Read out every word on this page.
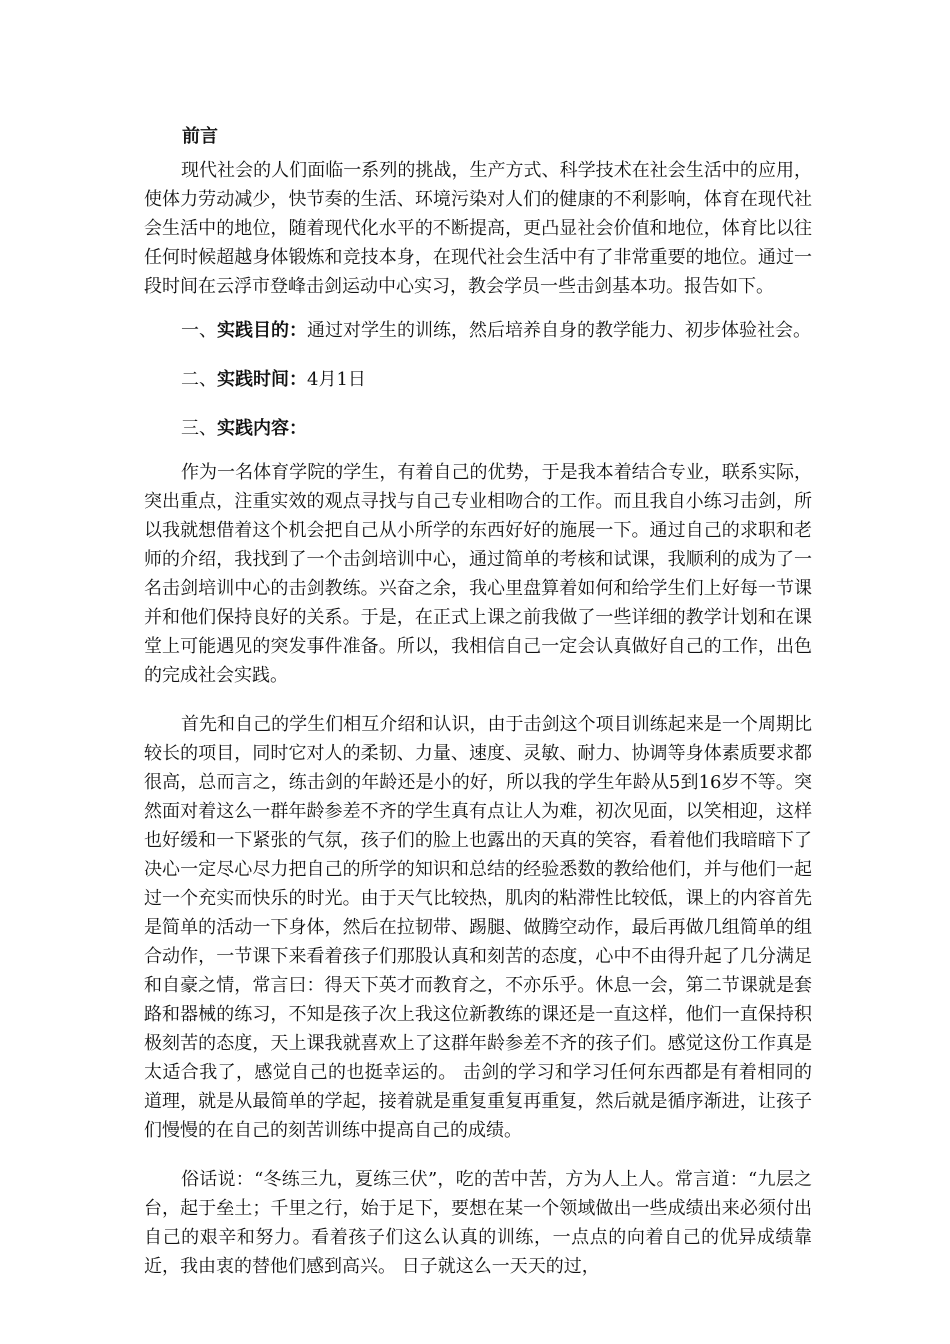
前言

现代社会的人们面临一系列的挑战，生产方式、科学技术在社会生活中的应用，使体力劳动减少，快节奏的生活、环境污染对人们的健康的不利影响，体育在现代社会生活中的地位，随着现代化水平的不断提高，更凸显社会价值和地位，体育比以往任何时候超越身体锻炼和竞技本身，在现代社会生活中有了非常重要的地位。通过一段时间在云浮市登峰击剑运动中心实习，教会学员一些击剑基本功。报告如下。

一、实践目的：通过对学生的训练，然后培养自身的教学能力、初步体验社会。

二、实践时间：4月1日

三、实践内容：

作为一名体育学院的学生，有着自己的优势，于是我本着结合专业，联系实际，突出重点，注重实效的观点寻找与自己专业相吻合的工作。而且我自小练习击剑，所以我就想借着这个机会把自己从小所学的东西好好的施展一下。通过自己的求职和老师的介绍，我找到了一个击剑培训中心，通过简单的考核和试课，我顺利的成为了一名击剑培训中心的击剑教练。兴奋之余，我心里盘算着如何和给学生们上好每一节课并和他们保持良好的关系。于是，在正式上课之前我做了一些详细的教学计划和在课堂上可能遇见的突发事件准备。所以，我相信自己一定会认真做好自己的工作，出色的完成社会实践。

首先和自己的学生们相互介绍和认识，由于击剑这个项目训练起来是一个周期比较长的项目，同时它对人的柔韧、力量、速度、灵敏、耐力、协调等身体素质要求都很高，总而言之，练击剑的年龄还是小的好，所以我的学生年龄从5到16岁不等。突然面对着这么一群年龄参差不齐的学生真有点让人为难，初次见面，以笑相迎，这样也好缓和一下紧张的气氛，孩子们的脸上也露出的天真的笑容，看着他们我暗暗下了决心一定尽心尽力把自己的所学的知识和总结的经验悉数的教给他们，并与他们一起过一个充实而快乐的时光。由于天气比较热，肌肉的粘滞性比较低，课上的内容首先是简单的活动一下身体，然后在拉韧带、踢腿、做腾空动作，最后再做几组简单的组合动作，一节课下来看着孩子们那股认真和刻苦的态度，心中不由得升起了几分满足和自豪之情，常言曰：得天下英才而教育之，不亦乐乎。休息一会，第二节课就是套路和器械的练习，不知是孩子次上我这位新教练的课还是一直这样，他们一直保持积极刻苦的态度，天上课我就喜欢上了这群年龄参差不齐的孩子们。感觉这份工作真是太适合我了，感觉自己的也挺幸运的。 击剑的学习和学习任何东西都是有着相同的道理，就是从最简单的学起，接着就是重复重复再重复，然后就是循序渐进，让孩子们慢慢的在自己的刻苦训练中提高自己的成绩。

俗话说：“冬练三九，夏练三伏”，吃的苦中苦，方为人上人。常言道：“九层之台，起于垒土；千里之行，始于足下，要想在某一个领域做出一些成绩出来必须付出自己的艰辛和努力。看着孩子们这么认真的训练，一点点的向着自己的优异成绩靠近，我由衷的替他们感到高兴。 日子就这么一天天的过，
